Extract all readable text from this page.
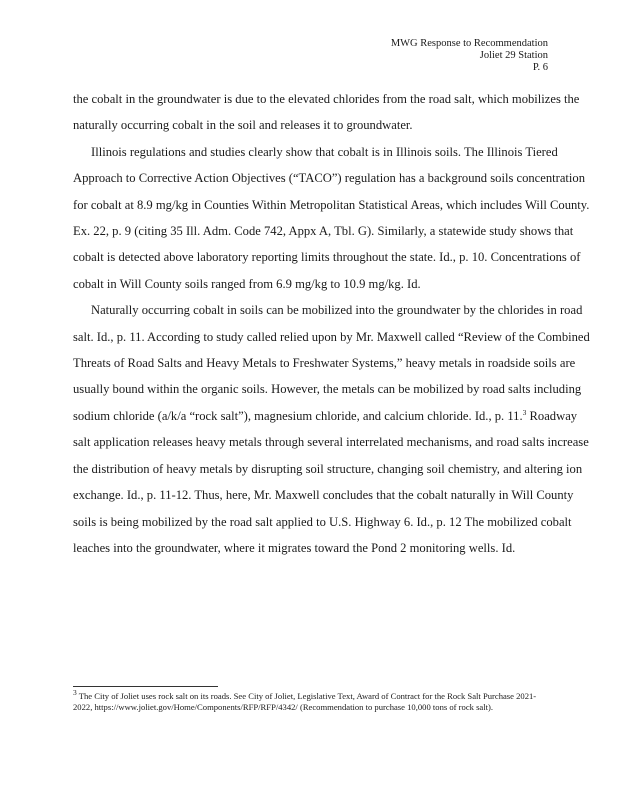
MWG Response to Recommendation
Joliet 29 Station
P. 6

the cobalt in the groundwater is due to the elevated chlorides from the road salt, which mobilizes the naturally occurring cobalt in the soil and releases it to groundwater.

Illinois regulations and studies clearly show that cobalt is in Illinois soils. The Illinois Tiered Approach to Corrective Action Objectives (“TACO”) regulation has a background soils concentration for cobalt at 8.9 mg/kg in Counties Within Metropolitan Statistical Areas, which includes Will County. Ex. 22, p. 9 (citing 35 Ill. Adm. Code 742, Appx A, Tbl. G). Similarly, a statewide study shows that cobalt is detected above laboratory reporting limits throughout the state. Id., p. 10. Concentrations of cobalt in Will County soils ranged from 6.9 mg/kg to 10.9 mg/kg. Id.

Naturally occurring cobalt in soils can be mobilized into the groundwater by the chlorides in road salt. Id., p. 11. According to study called relied upon by Mr. Maxwell called “Review of the Combined Threats of Road Salts and Heavy Metals to Freshwater Systems,” heavy metals in roadside soils are usually bound within the organic soils. However, the metals can be mobilized by road salts including sodium chloride (a/k/a “rock salt”), magnesium chloride, and calcium chloride. Id., p. 11.$^3$ Roadway salt application releases heavy metals through several interrelated mechanisms, and road salts increase the distribution of heavy metals by disrupting soil structure, changing soil chemistry, and altering ion exchange. Id., p. 11-12. Thus, here, Mr. Maxwell concludes that the cobalt naturally in Will County soils is being mobilized by the road salt applied to U.S. Highway 6. Id., p. 12 The mobilized cobalt leaches into the groundwater, where it migrates toward the Pond 2 monitoring wells. Id.

$^3$ The City of Joliet uses rock salt on its roads. See City of Joliet, Legislative Text, Award of Contract for the Rock Salt Purchase 2021-2022, https://www.joliet.gov/Home/Components/RFP/RFP/4342/ (Recommendation to purchase 10,000 tons of rock salt).
